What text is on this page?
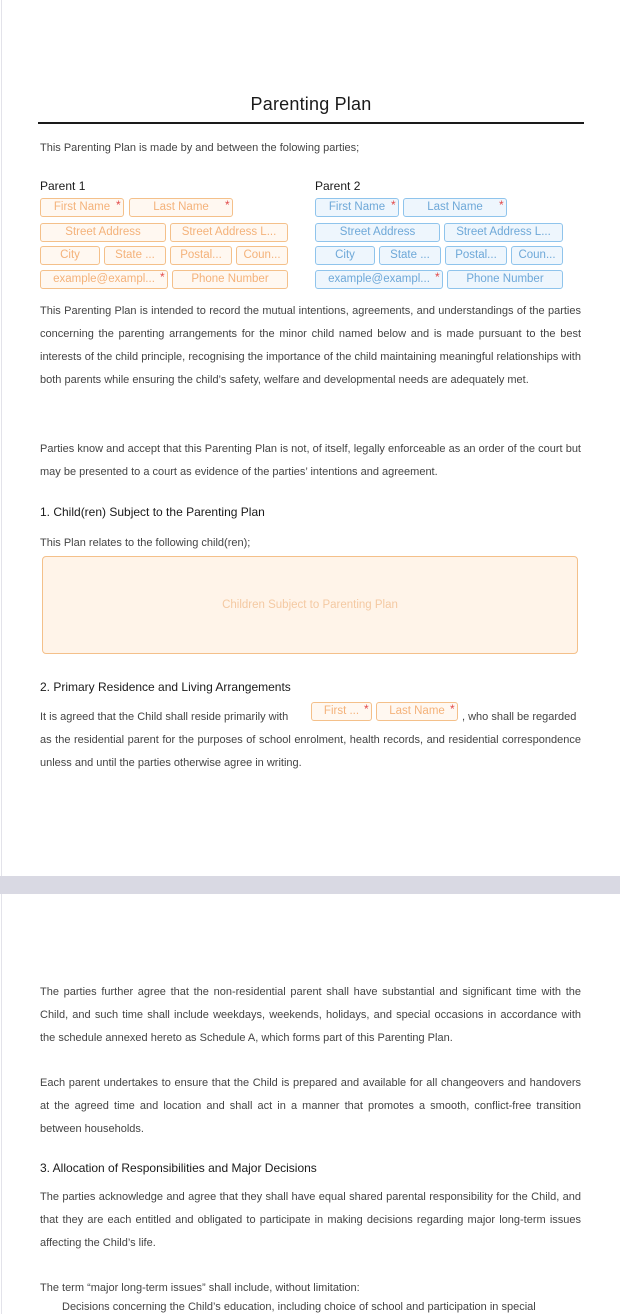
Parenting Plan
This Parenting Plan is made by and between the folowing parties;
Parent 1
First Name *	Last Name	*
Street Address	Street Address L...
City	State ...	Postal...	Coun...
example@exampl... *	Phone Number
Parent 2
First Name *	Last Name	*
Street Address	Street Address L...
City	State ...	Postal...	Coun...
example@exampl... *	Phone Number
This Parenting Plan is intended to record the mutual intentions, agreements, and understandings of the parties concerning the parenting arrangements for the minor child named below and is made pursuant to the best interests of the child principle, recognising the importance of the child maintaining meaningful relationships with both parents while ensuring the child’s safety, welfare and developmental needs are adequately met.
Parties know and accept that this Parenting Plan is not, of itself, legally enforceable as an order of the court but may be presented to a court as evidence of the parties’ intentions and agreement.
1. Child(ren) Subject to the Parenting Plan
This Plan relates to the following child(ren);
Children Subject to Parenting Plan
2. Primary Residence and Living Arrangements
It is agreed that the Child shall reside primarily with	First ... *	Last Name *
, who shall be regarded
as the residential parent for the purposes of school enrolment, health records, and residential correspondence unless and until the parties otherwise agree in writing.
The parties further agree that the non-residential parent shall have substantial and significant time with the Child, and such time shall include weekdays, weekends, holidays, and special occasions in accordance with the schedule annexed hereto as Schedule A, which forms part of this Parenting Plan.
Each parent undertakes to ensure that the Child is prepared and available for all changeovers and handovers at the agreed time and location and shall act in a manner that promotes a smooth, conflict-free transition between households.
3. Allocation of Responsibilities and Major Decisions
The parties acknowledge and agree that they shall have equal shared parental responsibility for the Child, and that they are each entitled and obligated to participate in making decisions regarding major long-term issues affecting the Child’s life.
The term “major long-term issues” shall include, without limitation:
• Decisions concerning the Child’s education, including choice of school and participation in special
